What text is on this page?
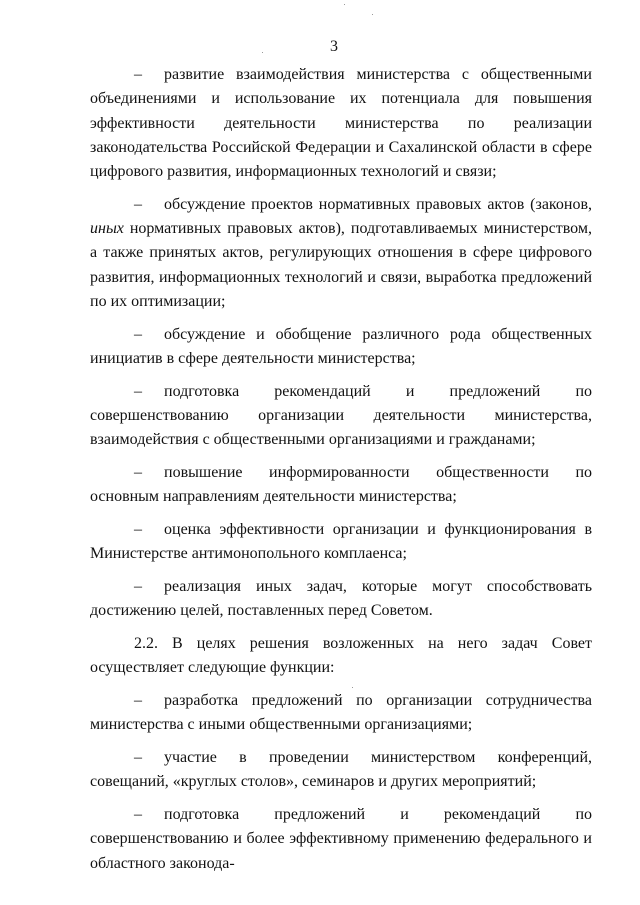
3

– развитие взаимодействия министерства с общественными объединениями и использование их потенциала для повышения эффективности деятельности министерства по реализации законодательства Российской Федерации и Сахалинской области в сфере цифрового развития, информационных технологий и связи;

– обсуждение проектов нормативных правовых актов (законов, иных нормативных правовых актов), подготавливаемых министерством, а также принятых актов, регулирующих отношения в сфере цифрового развития, информационных технологий и связи, выработка предложений по их оптимизации;

– обсуждение и обобщение различного рода общественных инициатив в сфере деятельности министерства;

– подготовка рекомендаций и предложений по совершенствованию организации деятельности министерства, взаимодействия с общественными организациями и гражданами;

– повышение информированности общественности по основным направлениям деятельности министерства;

– оценка эффективности организации и функционирования в Министерстве антимонопольного комплаенса;

– реализация иных задач, которые могут способствовать достижению целей, поставленных перед Советом.

2.2. В целях решения возложенных на него задач Совет осуществляет следующие функции:

– разработка предложений по организации сотрудничества министерства с иными общественными организациями;

– участие в проведении министерством конференций, совещаний, «круглых столов», семинаров и других мероприятий;

– подготовка предложений и рекомендаций по совершенствованию и более эффективному применению федерального и областного законода-
